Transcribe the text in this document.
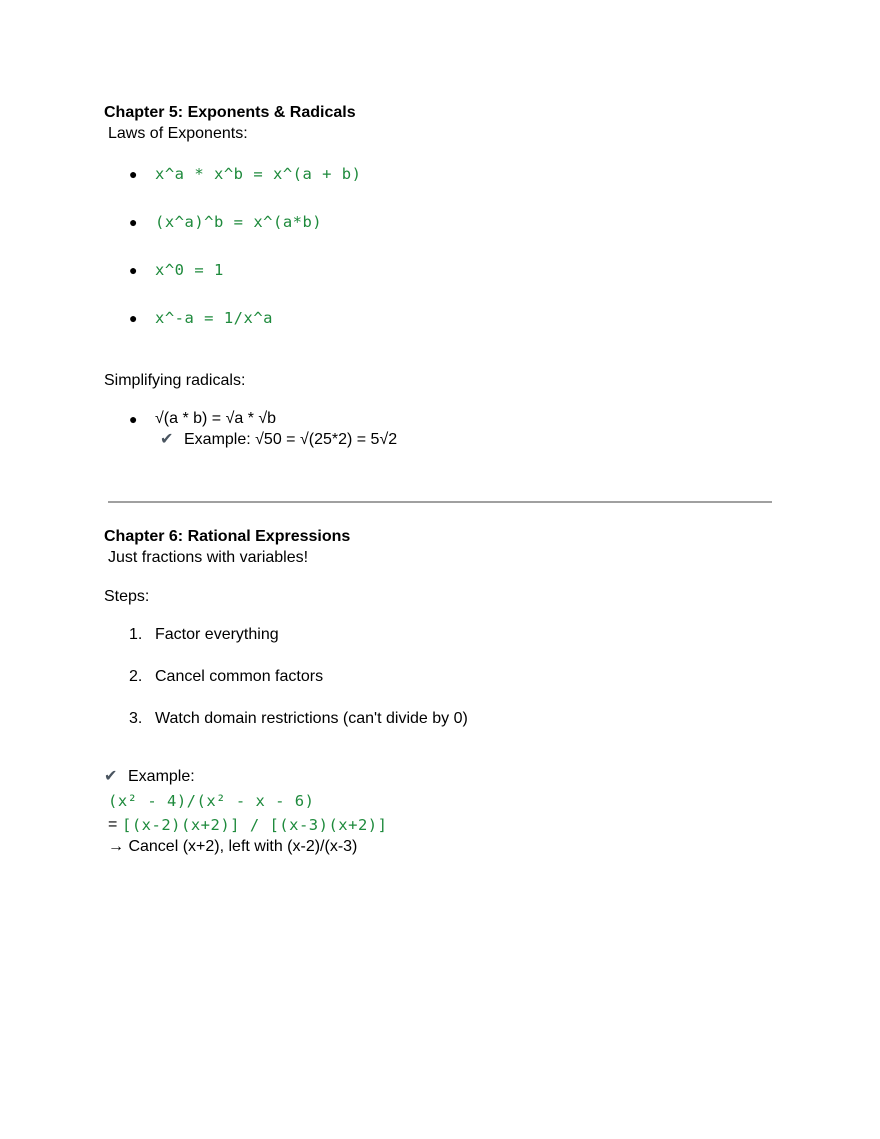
Chapter 5: Exponents & Radicals
Laws of Exponents:
● x^a * x^b = x^(a + b)
● (x^a)^b = x^(a*b)
● x^0 = 1
● x^-a = 1/x^a
Simplifying radicals:
● √(a * b) = √a * √b
✔ Example: √50 = √(25*2) = 5√2
Chapter 6: Rational Expressions
Just fractions with variables!
Steps:
1. Factor everything
2. Cancel common factors
3. Watch domain restrictions (can't divide by 0)
✔ Example:
(x² - 4)/(x² - x - 6)
= [(x-2)(x+2)] / [(x-3)(x+2)]
→ Cancel (x+2), left with (x-2)/(x-3)
